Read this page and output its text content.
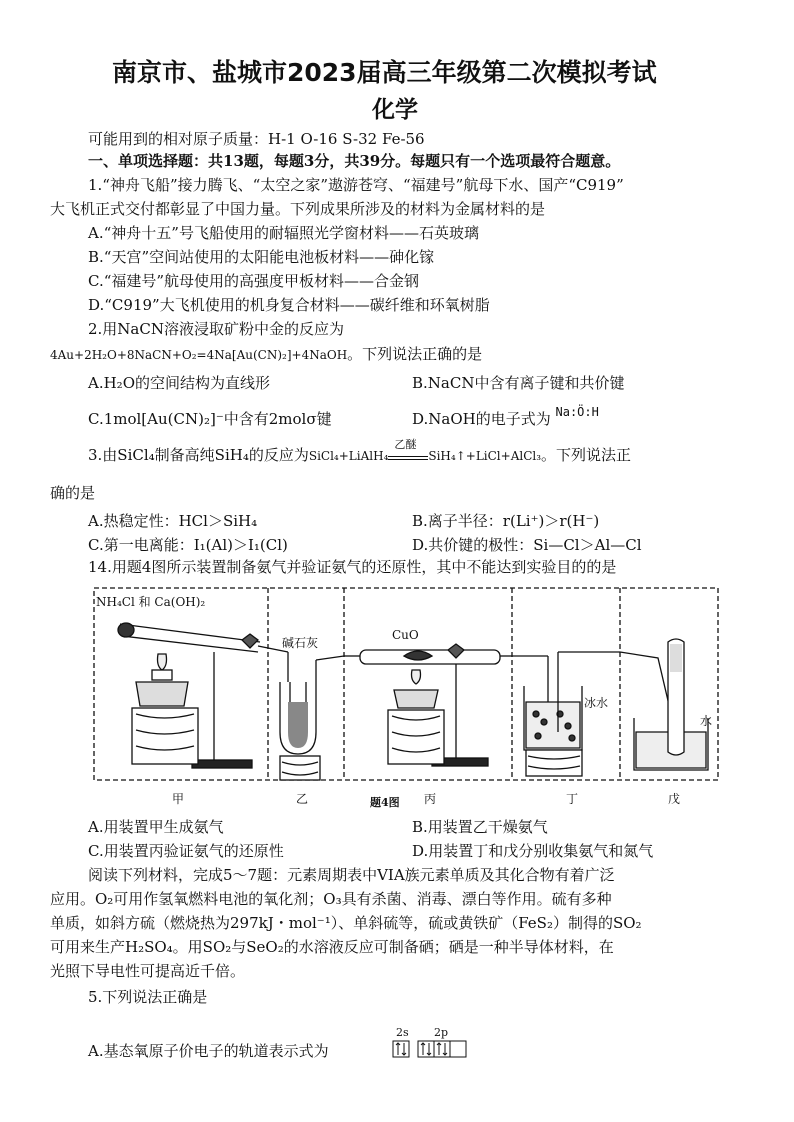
南京市、盐城市2023届高三年级第二次模拟考试
化学
可能用到的相对原子质量：H-1 O-16 S-32 Fe-56
一、单项选择题：共13题，每题3分，共39分。每题只有一个选项最符合题意。
1.“神舟飞船”接力腾飞、“太空之家”遨游苍穹、“福建号”航母下水、国产“C919”
大飞机正式交付都彰显了中国力量。下列成果所涉及的材料为金属材料的是
A.“神舟十五”号飞船使用的耐辐照光学窗材料——石英玻璃
B.“天宫”空间站使用的太阳能电池板材料——砷化镓
C.“福建号”航母使用的高强度甲板材料——合金钢
D.“C919”大飞机使用的机身复合材料——碳纤维和环氧树脂
2.用NaCN溶液浸取矿粉中金的反应为
4Au+2H₂O+8NaCN+O₂=4Na[Au(CN)₂]+4NaOH。下列说法正确的是
A.H₂O的空间结构为直线形	B.NaCN中含有离子键和共价键
C.1mol[Au(CN)₂]⁻中含有2molσ键	D.NaOH的电子式为 $^{Na:Ö:H}$
3.由SiCl₄制备高纯SiH₄的反应为SiCl₄+LiAlH₄
乙醚
SiH₄↑+LiCl+AlCl₃。下列说法正
确的是
A.热稳定性：HCl＞SiH₄	B.离子半径：r(Li⁺)＞r(H⁻)
C.第一电离能：I₁(Al)＞I₁(Cl)	D.共价键的极性：Si—Cl＞Al—Cl
14.用题4图所示装置制备氨气并验证氨气的还原性，其中不能达到实验目的的是
NH₄Cl 和 Ca(OH)₂
碱石灰
CuO
冰水
水
甲	乙	丙	丁	戊
题4图
A.用装置甲生成氨气	B.用装置乙干燥氨气
C.用装置丙验证氨气的还原性	D.用装置丁和戊分别收集氨气和氮气
阅读下列材料，完成5～7题：元素周期表中VIA族元素单质及其化合物有着广泛
应用。O₂可用作氢氧燃料电池的氧化剂；O₃具有杀菌、消毒、漂白等作用。硫有多种
单质，如斜方硫（燃烧热为297kJ・mol⁻¹）、单斜硫等，硫或黄铁矿（FeS₂）制得的SO₂
可用来生产H₂SO₄。用SO₂与SeO₂的水溶液反应可制备硒；硒是一种半导体材料，在
光照下导电性可提高近千倍。
5.下列说法正确是
A.基态氧原子价电子的轨道表示式为
2s 2p
